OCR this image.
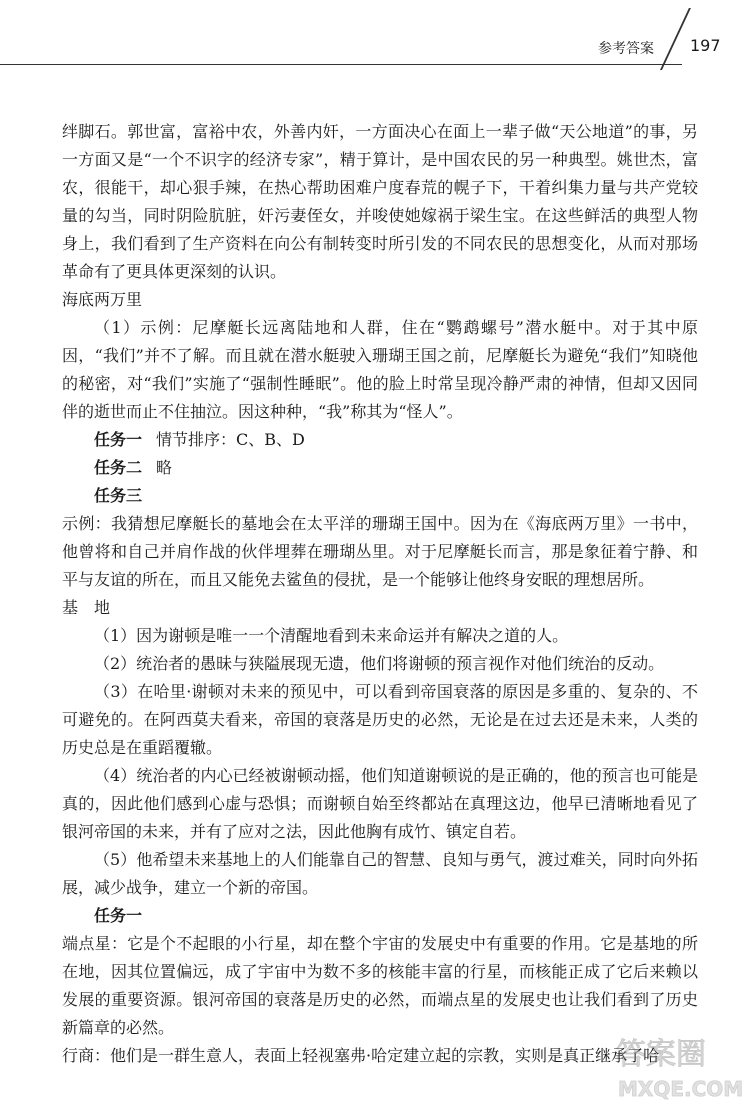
参考答案 197

绊脚石。郭世富，富裕中农，外善内奸，一方面决心在面上一辈子做“天公地道”的事，另一方面又是“一个不识字的经济专家”，精于算计，是中国农民的另一种典型。姚世杰，富农，很能干，却心狠手辣，在热心帮助困难户度春荒的幌子下，干着纠集力量与共产党较量的勾当，同时阴险肮脏，奸污妻侄女，并唆使她嫁祸于梁生宝。在这些鲜活的典型人物身上，我们看到了生产资料在向公有制转变时所引发的不同农民的思想变化，从而对那场革命有了更具体更深刻的认识。

海底两万里

（1）示例：尼摩艇长远离陆地和人群，住在“鹦鹉螺号”潜水艇中。对于其中原因，“我们”并不了解。而且就在潜水艇驶入珊瑚王国之前，尼摩艇长为避免“我们”知晓他的秘密，对“我们”实施了“强制性睡眠”。他的脸上时常呈现冷静严肃的神情，但却又因同伴的逝世而止不住抽泣。因这种种，“我”称其为“怪人”。

任务一 情节排序：C、B、D

任务二 略

任务三

示例：我猜想尼摩艇长的墓地会在太平洋的珊瑚王国中。因为在《海底两万里》一书中，他曾将和自己并肩作战的伙伴埋葬在珊瑚丛里。对于尼摩艇长而言，那是象征着宁静、和平与友谊的所在，而且又能免去鲨鱼的侵扰，是一个能够让他终身安眠的理想居所。

基　地

（1）因为谢顿是唯一一个清醒地看到未来命运并有解决之道的人。

（2）统治者的愚昧与狭隘展现无遗，他们将谢顿的预言视作对他们统治的反动。

（3）在哈里·谢顿对未来的预见中，可以看到帝国衰落的原因是多重的、复杂的、不可避免的。在阿西莫夫看来，帝国的衰落是历史的必然，无论是在过去还是未来，人类的历史总是在重蹈覆辙。

（4）统治者的内心已经被谢顿动摇，他们知道谢顿说的是正确的，他的预言也可能是真的，因此他们感到心虚与恐惧；而谢顿自始至终都站在真理这边，他早已清晰地看见了银河帝国的未来，并有了应对之法，因此他胸有成竹、镇定自若。

（5）他希望未来基地上的人们能靠自己的智慧、良知与勇气，渡过难关，同时向外拓展，减少战争，建立一个新的帝国。

任务一

端点星：它是个不起眼的小行星，却在整个宇宙的发展史中有重要的作用。它是基地的所在地，因其位置偏远，成了宇宙中为数不多的核能丰富的行星，而核能正成了它后来赖以发展的重要资源。银河帝国的衰落是历史的必然，而端点星的发展史也让我们看到了历史新篇章的必然。

行商：他们是一群生意人，表面上轻视塞弗·哈定建立起的宗教，实则是真正继承了哈

答案圈
MXQE.COM
